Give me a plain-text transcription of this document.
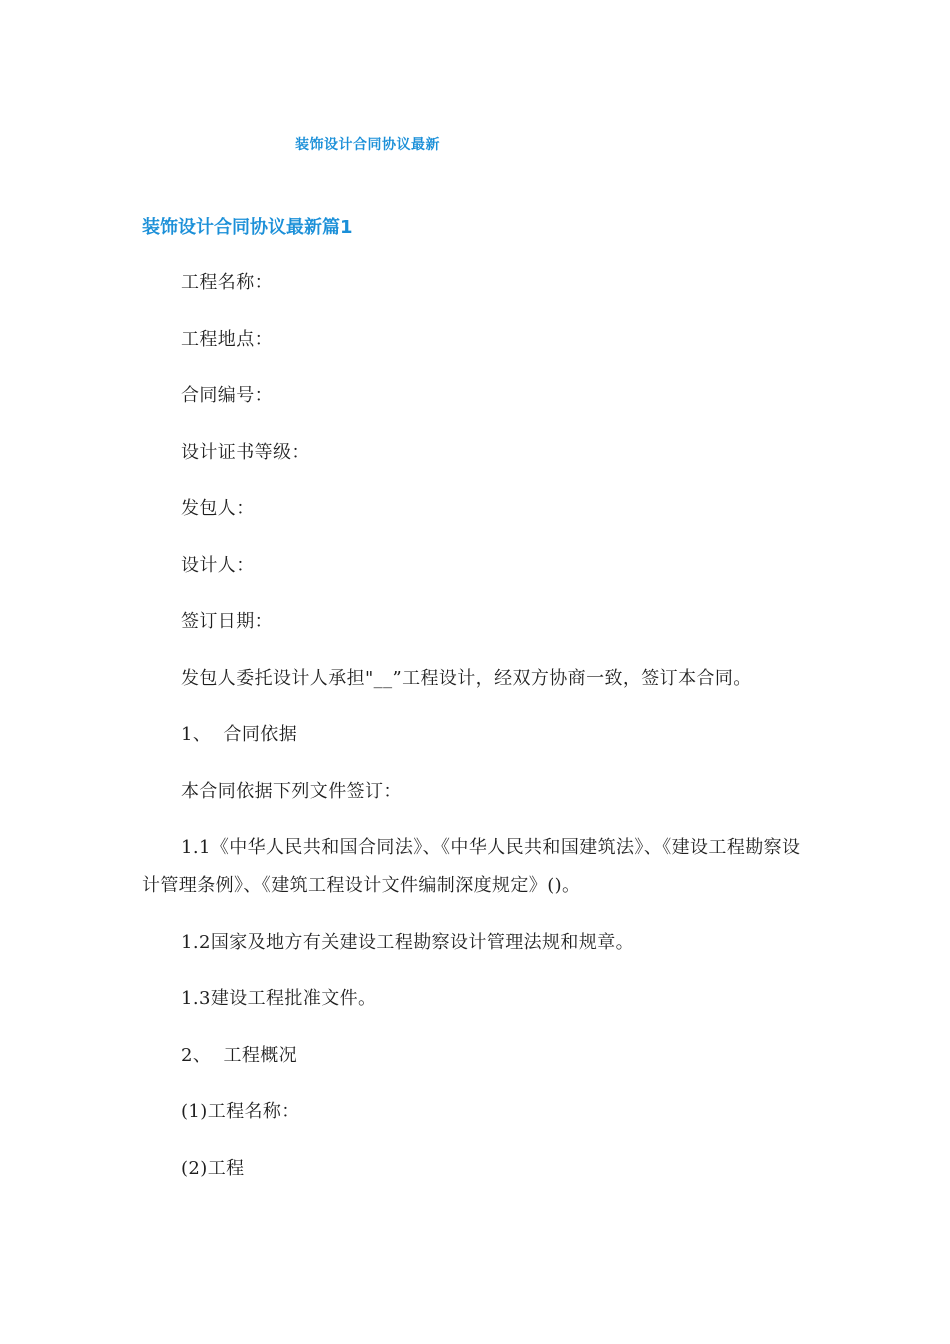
装饰设计合同协议最新
装饰设计合同协议最新篇1

工程名称：

工程地点：

合同编号：

设计证书等级：

发包人：

设计人：

签订日期：

发包人委托设计人承担"__”工程设计，经双方协商一致，签订本合同。

1、  合同依据

本合同依据下列文件签订：

1.1《中华人民共和国合同法》、《中华人民共和国建筑法》、《建设工程勘察设计管理条例》、《建筑工程设计文件编制深度规定》()。

1.2国家及地方有关建设工程勘察设计管理法规和规章。

1.3建设工程批准文件。

2、  工程概况

(1)工程名称：

(2)工程
